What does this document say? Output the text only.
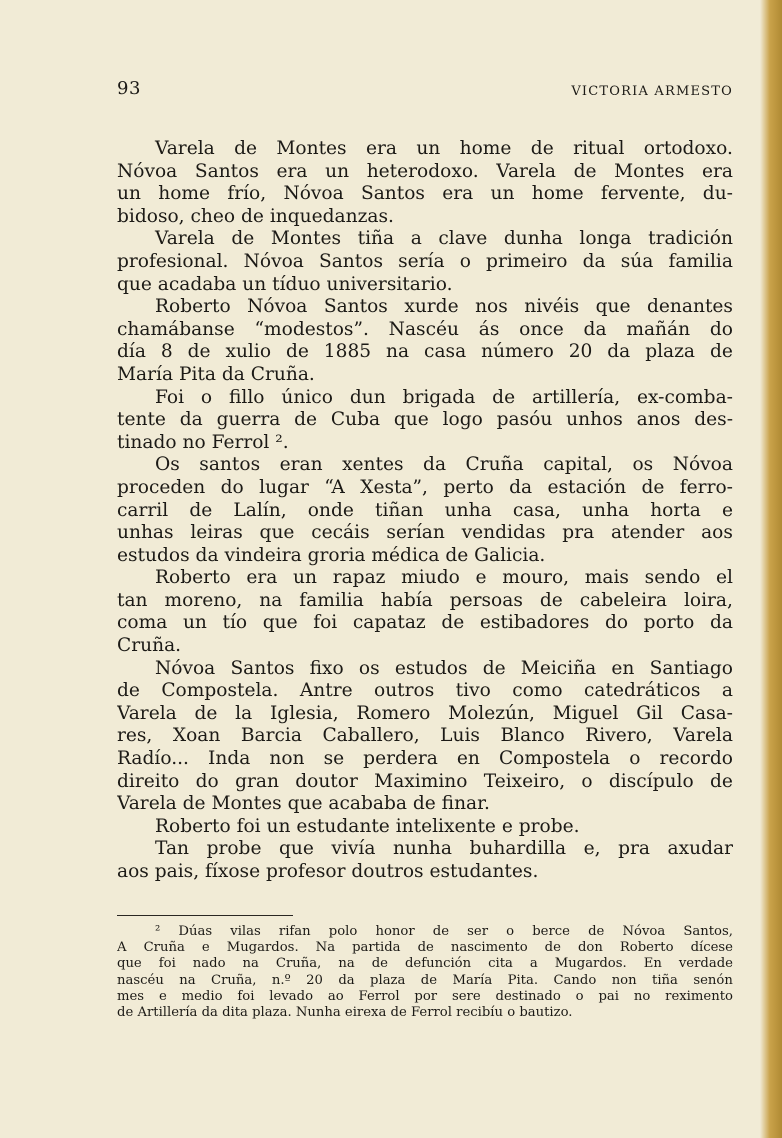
93	VICTORIA ARMESTO
Varela de Montes era un home de ritual ortodoxo.
Nóvoa Santos era un heterodoxo. Varela de Montes era
un home frío, Nóvoa Santos era un home fervente, du-
bidoso, cheo de inquedanzas.
Varela de Montes tiña a clave dunha longa tradición
profesional. Nóvoa Santos sería o primeiro da súa familia
que acadaba un tíduo universitario.
Roberto Nóvoa Santos xurde nos nivéis que denantes
chamábanse “modestos”. Nascéu ás once da mañán do
día 8 de xulio de 1885 na casa número 20 da plaza de
María Pita da Cruña.
Foi o fillo único dun brigada de artillería, ex-comba-
tente da guerra de Cuba que logo pasóu unhos anos des-
tinado no Ferrol ².
Os santos eran xentes da Cruña capital, os Nóvoa
proceden do lugar “A Xesta”, perto da estación de ferro-
carril de Lalín, onde tiñan unha casa, unha horta e
unhas leiras que cecáis serían vendidas pra atender aos
estudos da vindeira groria médica de Galicia.
Roberto era un rapaz miudo e mouro, mais sendo el
tan moreno, na familia había persoas de cabeleira loira,
coma un tío que foi capataz de estibadores do porto da
Cruña.
Nóvoa Santos fixo os estudos de Meiciña en Santiago
de Compostela. Antre outros tivo como catedráticos a
Varela de la Iglesia, Romero Molezún, Miguel Gil Casa-
res, Xoan Barcia Caballero, Luis Blanco Rivero, Varela
Radío... Inda non se perdera en Compostela o recordo
direito do gran doutor Maximino Teixeiro, o discípulo de
Varela de Montes que acababa de finar.
Roberto foi un estudante intelixente e probe.
Tan probe que vivía nunha buhardilla e, pra axudar
aos pais, fíxose profesor doutros estudantes.
² Dúas vilas rifan polo honor de ser o berce de Nóvoa Santos,
A Cruña e Mugardos. Na partida de nascimento de don Roberto dícese
que foi nado na Cruña, na de defunción cita a Mugardos. En verdade
nascéu na Cruña, n.º 20 da plaza de María Pita. Cando non tiña senón
mes e medio foi levado ao Ferrol por sere destinado o pai no reximento
de Artillería da dita plaza. Nunha eirexa de Ferrol recibíu o bautizo.
